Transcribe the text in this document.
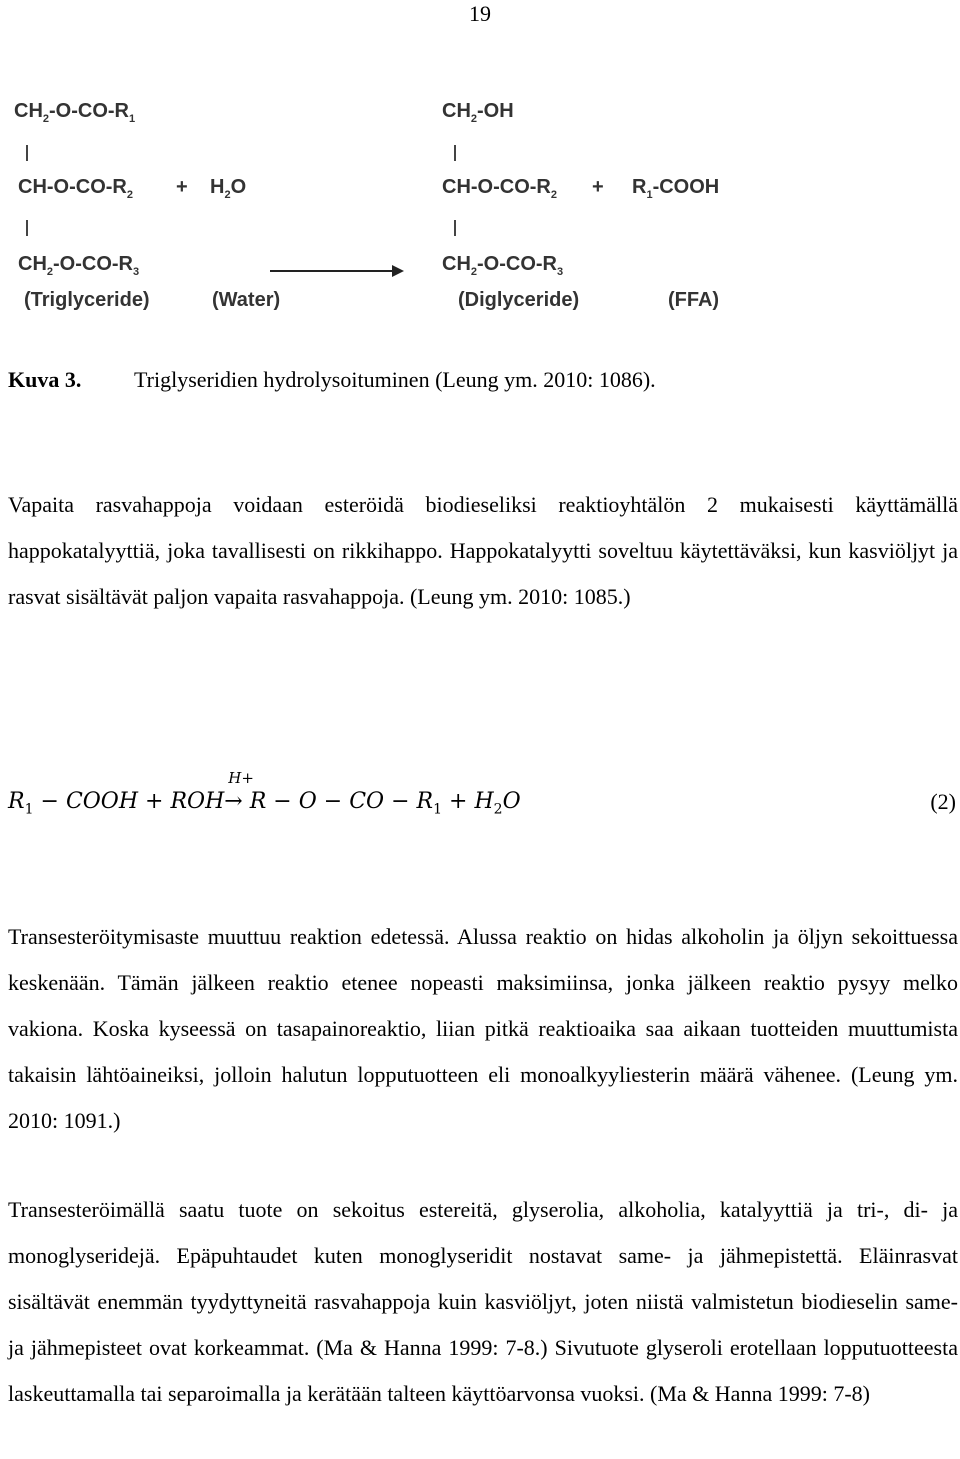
19
$CH_2-O-CO-R_1$
$CH-O-CO-R_2$
$CH_2-O-CO-R_3$
(Triglyceride)
+ $H_2O$
(Water)
$CH_2-OH$
$CH-O-CO-R_2$
$CH_2-O-CO-R_3$
(Diglyceride)
+ $R_1$-COOH
(FFA)
Kuva 3. Triglyseridien hydrolysoituminen (Leung ym. 2010: 1086).

Vapaita rasvahappoja voidaan esteröidä biodieseliksi reaktioyhtälön 2 mukaisesti käyttämällä happokatalyyttiä, joka tavallisesti on rikkihappo. Happokatalyytti soveltuu käytettäväksi, kun kasviöljyt ja rasvat sisältävät paljon vapaita rasvahappoja. (Leung ym. 2010: 1085.)

$R_1$ − COOH + ROH
H+
→ R − O − CO − $R_1 + H_2O$	(2)

Transesteröitymisaste muuttuu reaktion edetessä. Alussa reaktio on hidas alkoholin ja öljyn sekoittuessa keskenään. Tämän jälkeen reaktio etenee nopeasti maksimiinsa, jonka jälkeen reaktio pysyy melko vakiona. Koska kyseessä on tasapainoreaktio, liian pitkä reaktioaika saa aikaan tuotteiden muuttumista takaisin lähtöaineiksi, jolloin halutun lopputuotteen eli monoalkyyliesterin määrä vähenee. (Leung ym. 2010: 1091.)

Transesteröimällä saatu tuote on sekoitus estereitä, glyserolia, alkoholia, katalyyttiä ja tri-, di- ja monoglyseridejä. Epäpuhtaudet kuten monoglyseridit nostavat same- ja jähmepistettä. Eläinrasvat sisältävät enemmän tyydyttyneitä rasvahappoja kuin kasviöljyt, joten niistä valmistetun biodieselin same- ja jähmepisteet ovat korkeammat. (Ma & Hanna 1999: 7-8.) Sivutuote glyseroli erotellaan lopputuotteesta laskeuttamalla tai separoimalla ja kerätään talteen käyttöarvonsa vuoksi. (Ma & Hanna 1999: 7-8)
